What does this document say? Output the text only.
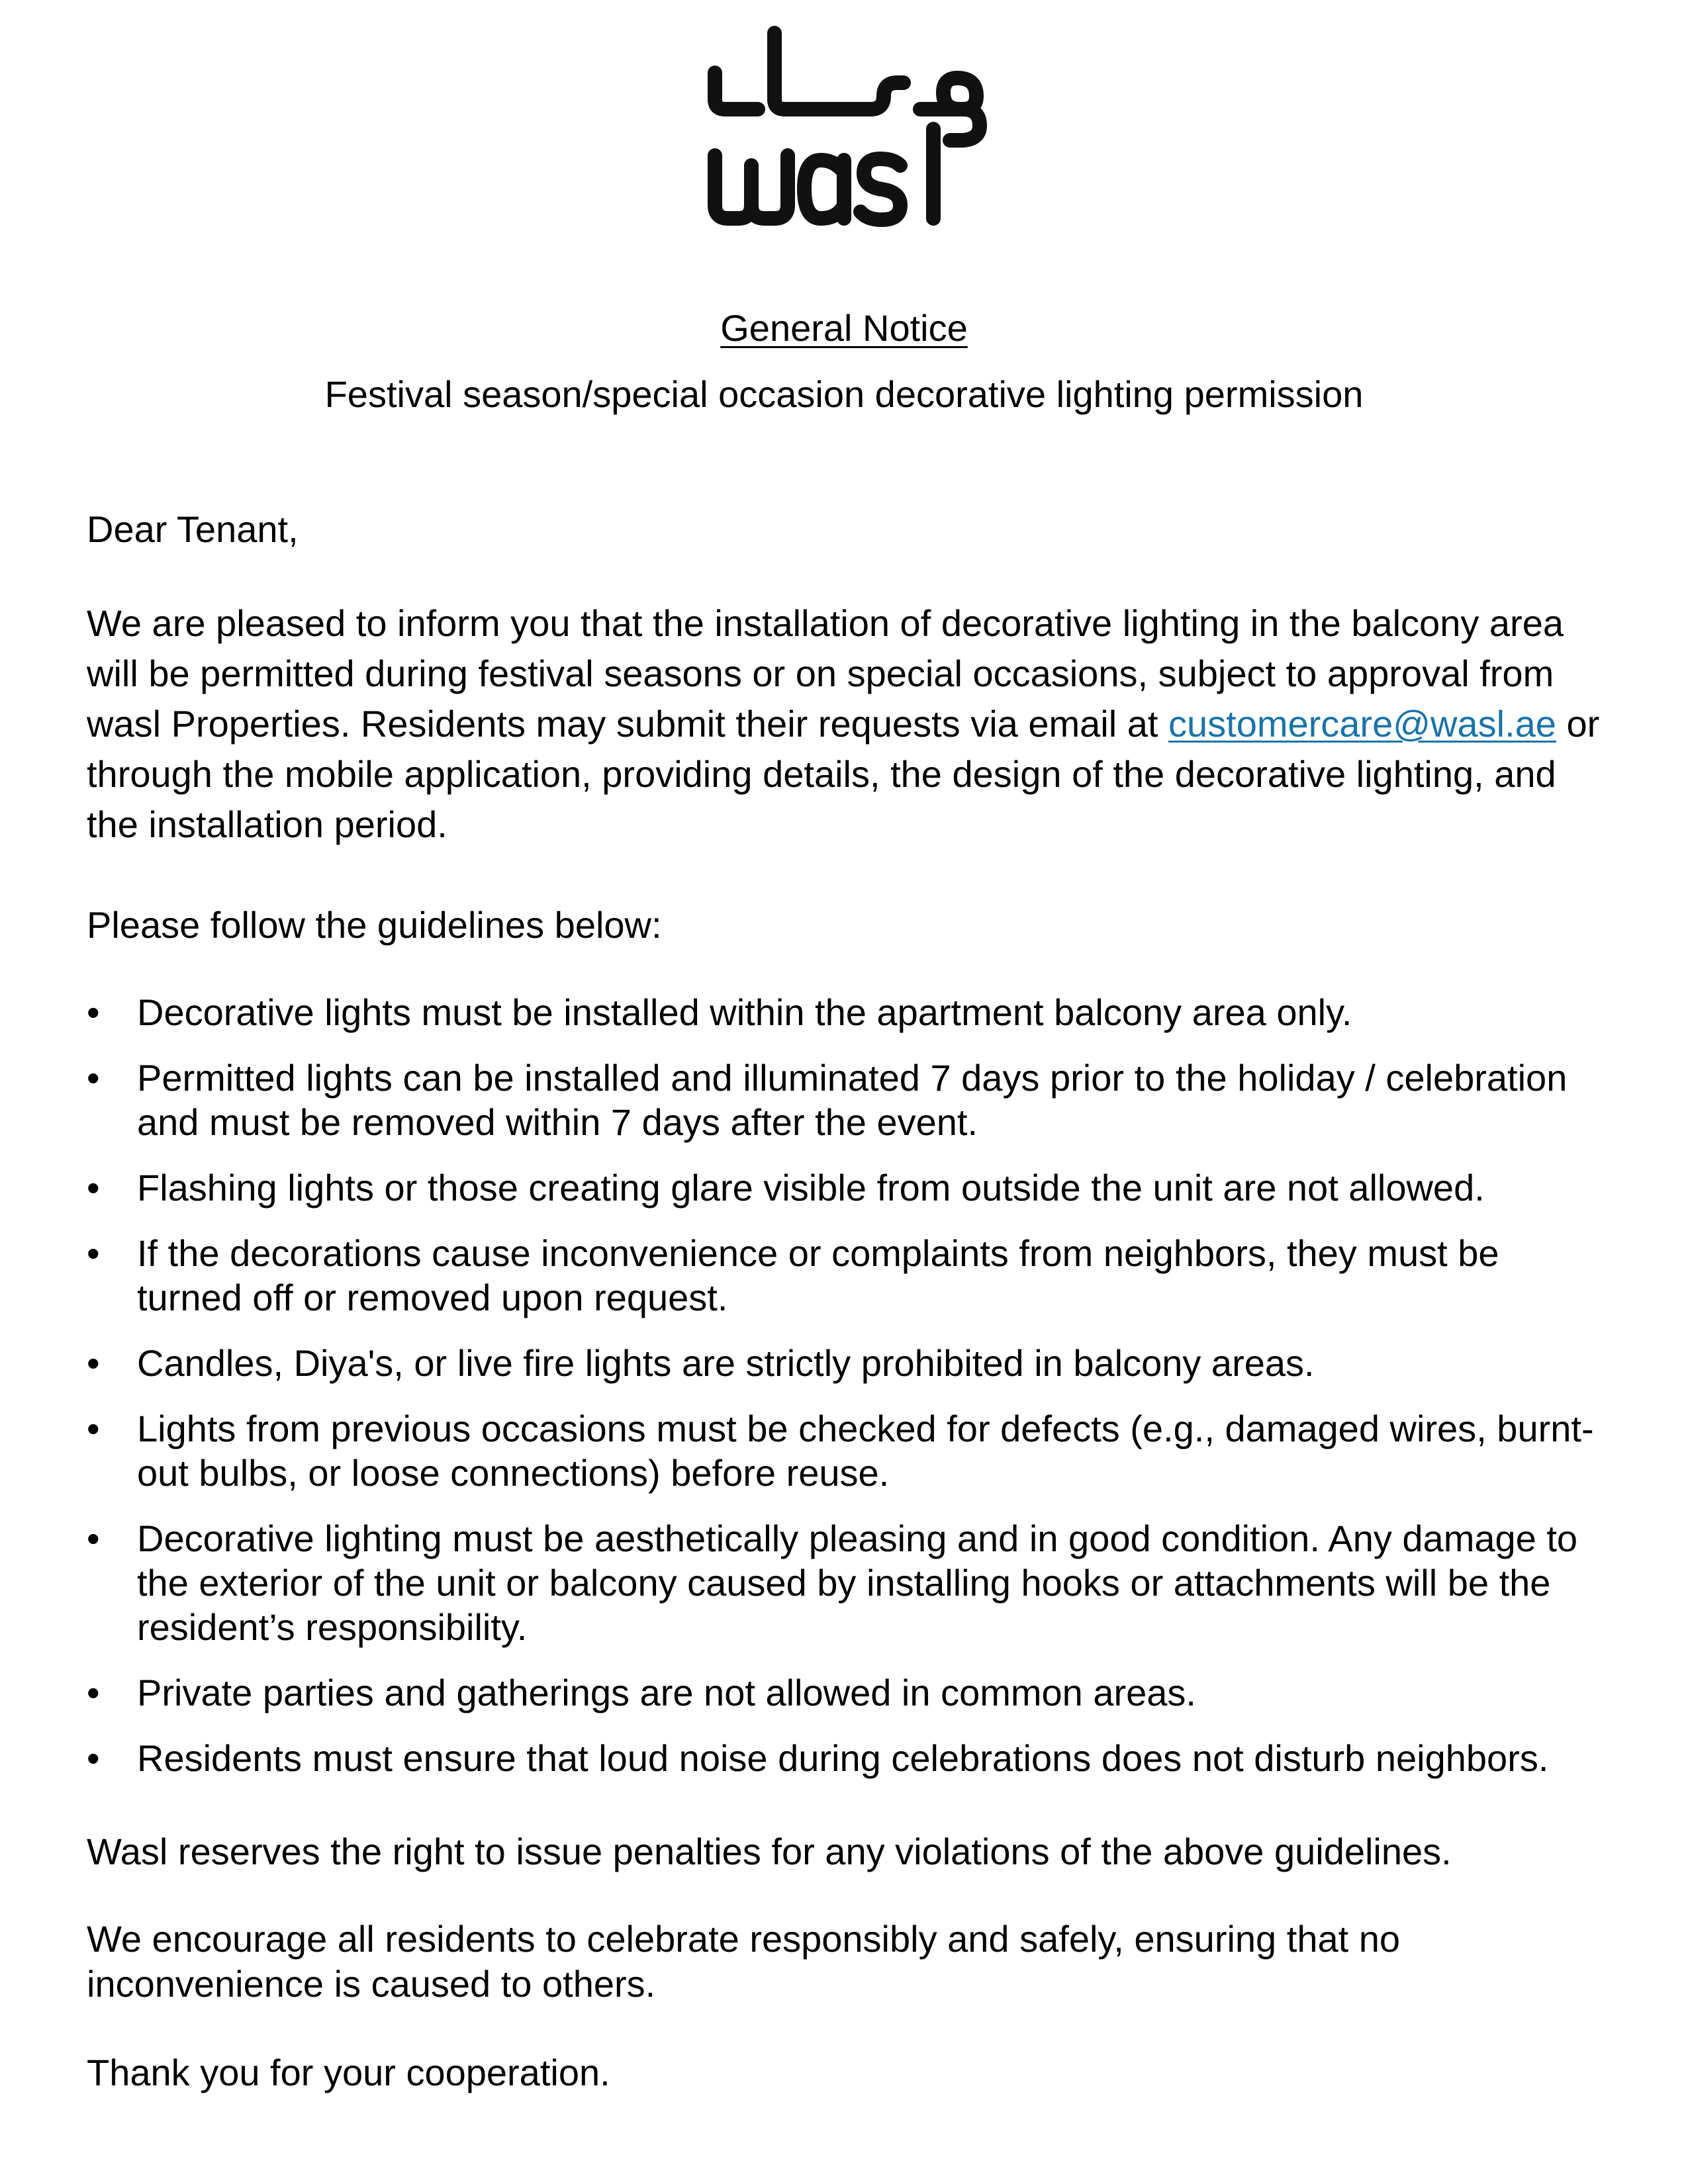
General Notice
Festival season/special occasion decorative lighting permission

Dear Tenant,

We are pleased to inform you that the installation of decorative lighting in the balcony area will be permitted during festival seasons or on special occasions, subject to approval from wasl Properties. Residents may submit their requests via email at customercare@wasl.ae or through the mobile application, providing details, the design of the decorative lighting, and the installation period.

Please follow the guidelines below:

•	Decorative lights must be installed within the apartment balcony area only.
•	Permitted lights can be installed and illuminated 7 days prior to the holiday / celebration and must be removed within 7 days after the event.
•	Flashing lights or those creating glare visible from outside the unit are not allowed.
•	If the decorations cause inconvenience or complaints from neighbors, they must be turned off or removed upon request.
•	Candles, Diya's, or live fire lights are strictly prohibited in balcony areas.
•	Lights from previous occasions must be checked for defects (e.g., damaged wires, burnt-out bulbs, or loose connections) before reuse.
•	Decorative lighting must be aesthetically pleasing and in good condition. Any damage to the exterior of the unit or balcony caused by installing hooks or attachments will be the resident’s responsibility.
•	Private parties and gatherings are not allowed in common areas.
•	Residents must ensure that loud noise during celebrations does not disturb neighbors.

Wasl reserves the right to issue penalties for any violations of the above guidelines.

We encourage all residents to celebrate responsibly and safely, ensuring that no inconvenience is caused to others.

Thank you for your cooperation.
